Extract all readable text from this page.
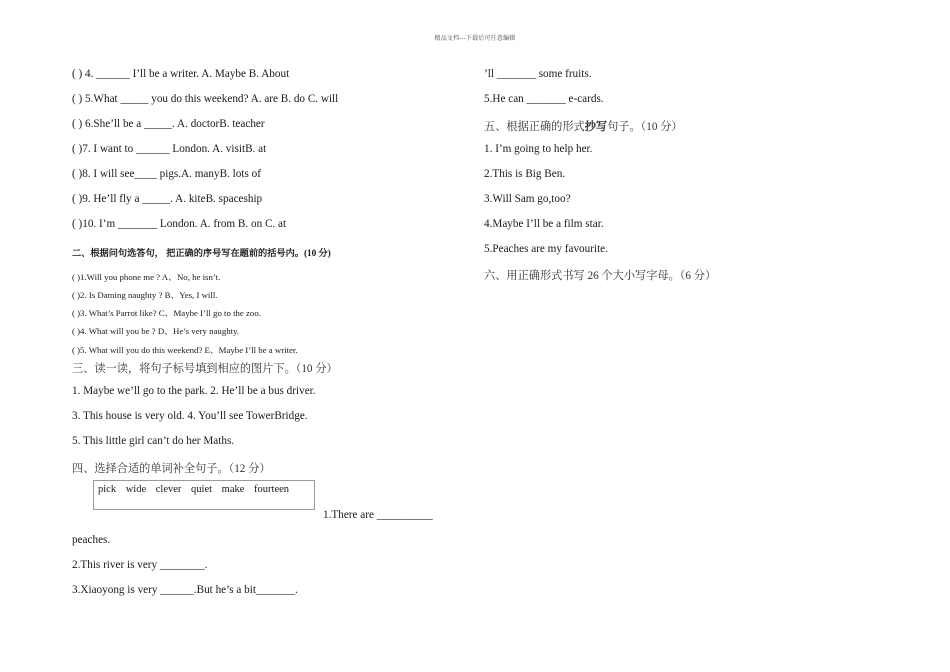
精品文档---下载后可任意编辑
( ) 4. ______ I’ll be a writer. A. Maybe B. About
( ) 5.What _____ you do this weekend? A. are B. do C. will
( ) 6.She’ll be a _____. A. doctorB. teacher
( )7. I want to ______ London. A. visitB. at
( )8. I will see____ pigs.A. manyB. lots of
( )9. He’ll fly a _____. A. kiteB. spaceship
( )10. I’m _______ London. A. from B. on C. at
二、根据问句选答句， 把正确的序号写在题前的括号内。(10 分)
( )1.Will you phone me ? A、No, he isn’t.
( )2. Is Daming naughty ? B、Yes, I will.
( )3. What’s Parrot like? C、Maybe I’ll go to the zoo.
( )4. What will you be ? D、He’s very naughty.
( )5. What will you do this weekend? E、Maybe I’ll be a writer.
三、读一读，将句子标号填到相应的图片下。（10 分）
1. Maybe we’ll go to the park. 2. He’ll be a bus driver.
3. This house is very old. 4. You’ll see TowerBridge.
5. This little girl can’t do her Maths.
四、选择合适的单词补全句子。（12 分）
pick wide clever quiet make fourteen
1.There are __________
peaches.
2.This river is very ________.
3.Xiaoyong is very ______.But he’s a bit_______.
’ll _______ some fruits.
5.He can _______ e-cards.
五、根据正确的形式抄写句子。（10 分）
1. I’m going to help her.
2.This is Big Ben.
3.Will Sam go,too?
4.Maybe I’ll be a film star.
5.Peaches are my favourite.
六、用正确形式书写 26 个大小写字母。（6 分）
